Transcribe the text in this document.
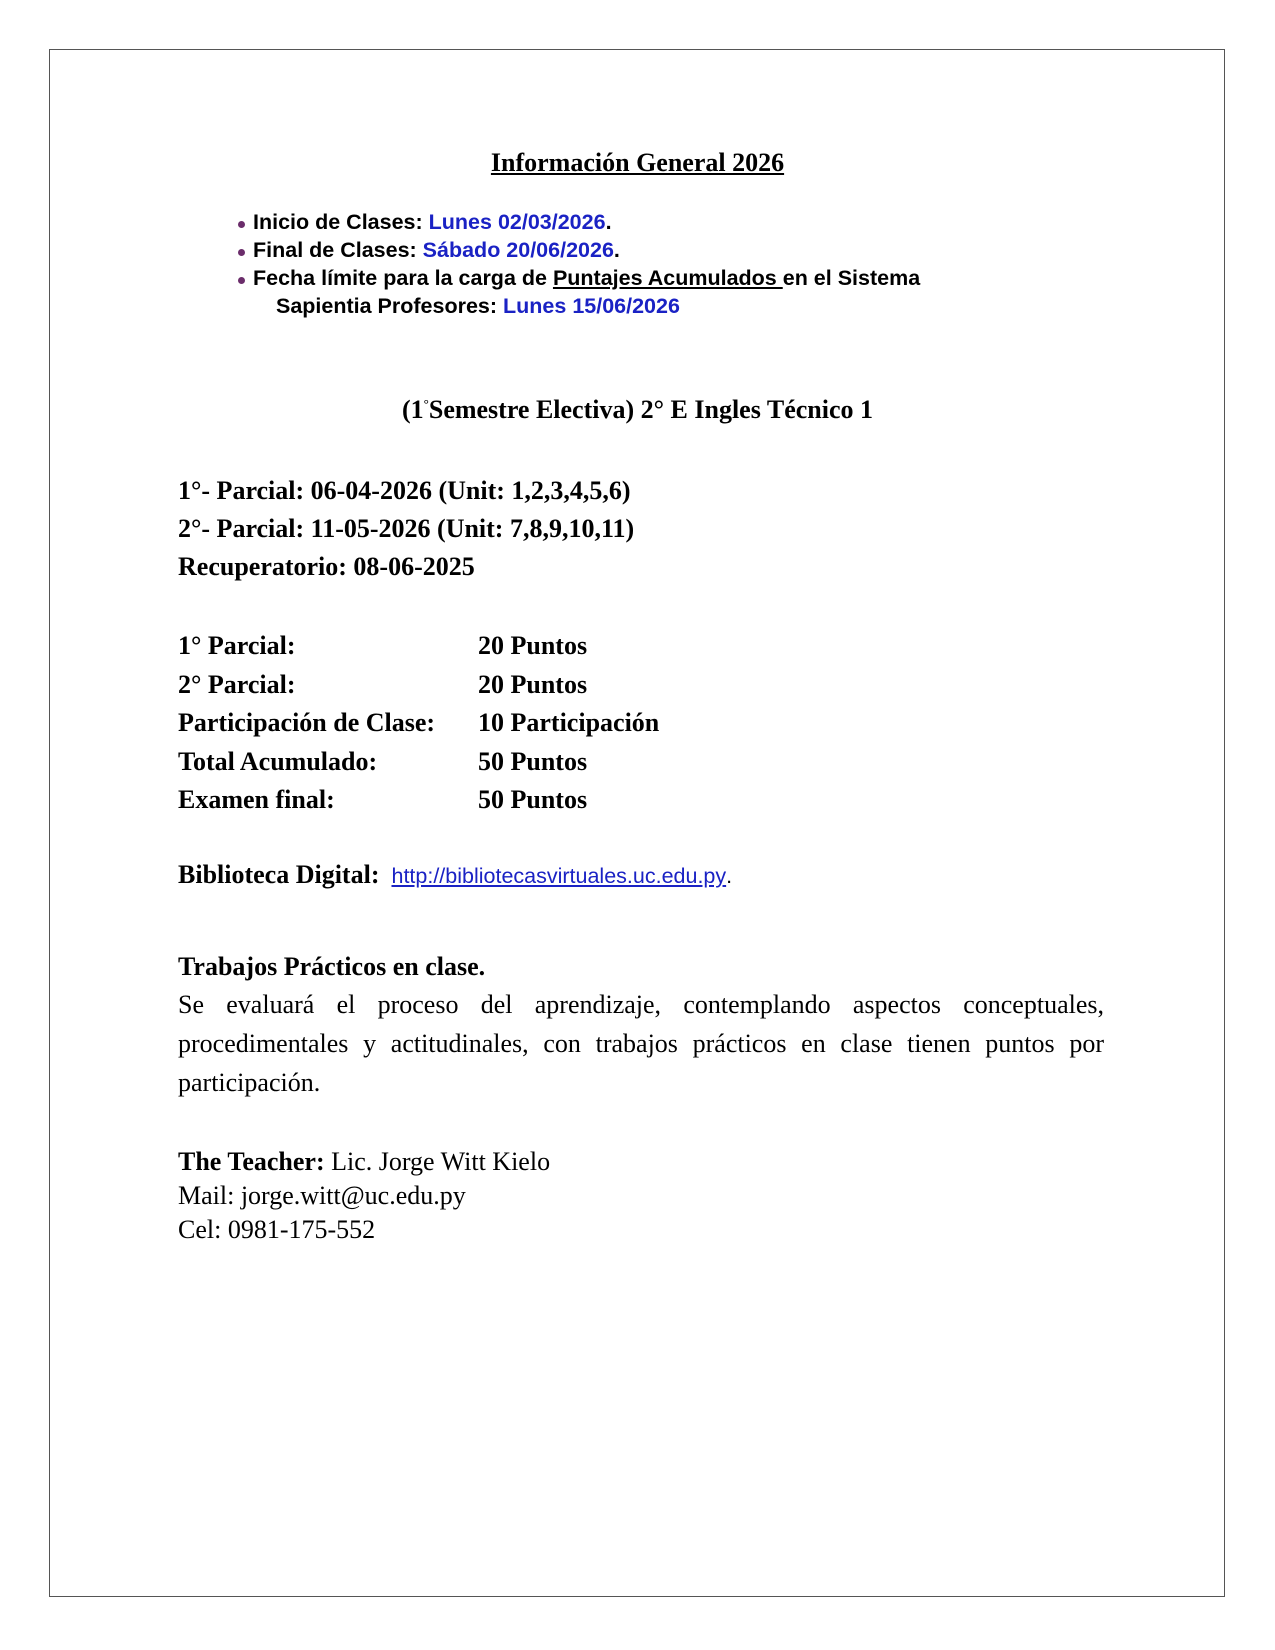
Información General 2026
Inicio de Clases: Lunes 02/03/2026.
Final de Clases: Sábado 20/06/2026.
Fecha límite para la carga de Puntajes Acumulados en el Sistema
Sapientia Profesores: Lunes 15/06/2026
(1°Semestre Electiva) 2° E Ingles Técnico 1
1°- Parcial: 06-04-2026 (Unit: 1,2,3,4,5,6)
2°- Parcial: 11-05-2026 (Unit: 7,8,9,10,11)
Recuperatorio: 08-06-2025
1° Parcial:	20 Puntos
2° Parcial:	20 Puntos
Participación de Clase:	10 Participación
Total Acumulado:	50 Puntos
Examen final:	50 Puntos
Biblioteca Digital: http://bibliotecasvirtuales.uc.edu.py.
Trabajos Prácticos en clase.
Se evaluará el proceso del aprendizaje, contemplando aspectos conceptuales, procedimentales y actitudinales, con trabajos prácticos en clase tienen puntos por participación.
The Teacher: Lic. Jorge Witt Kielo
Mail: jorge.witt@uc.edu.py
Cel: 0981-175-552
